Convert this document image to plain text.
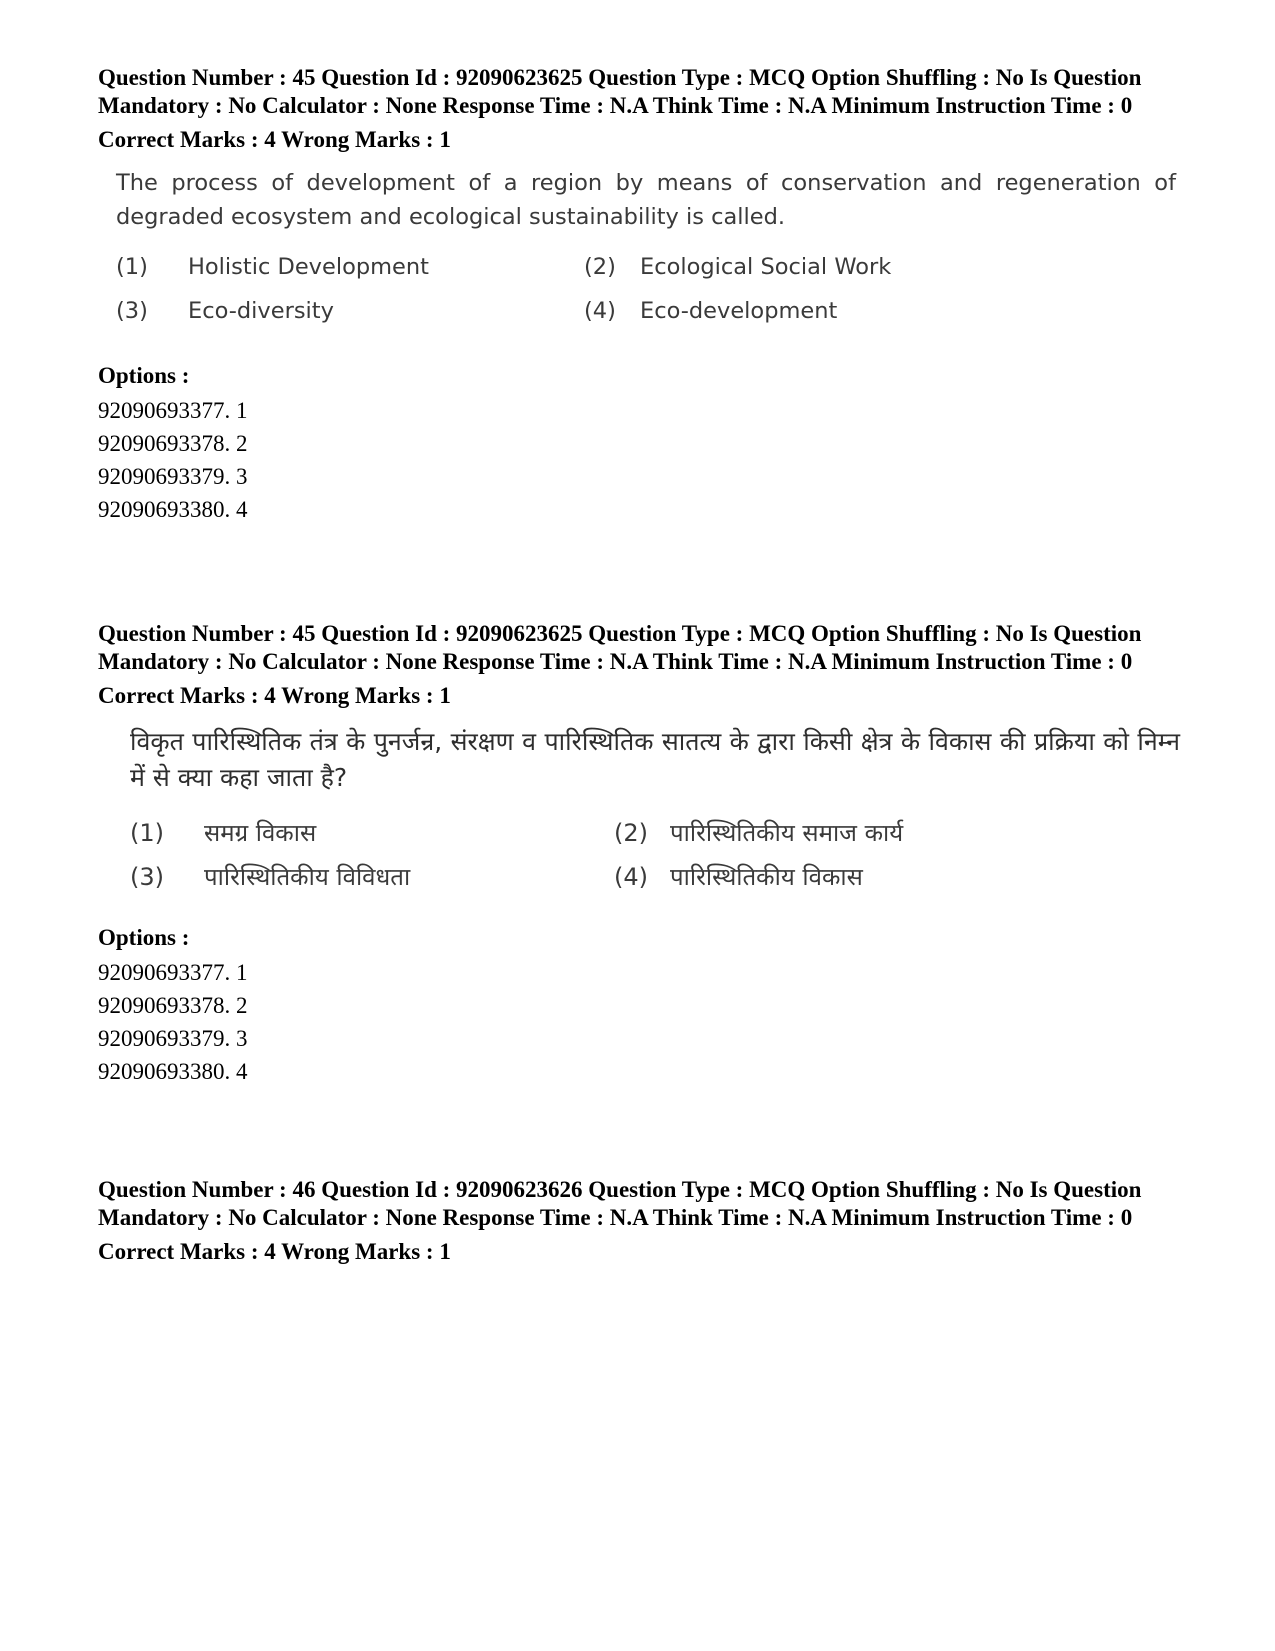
Question Number : 45 Question Id : 92090623625 Question Type : MCQ Option Shuffling : No Is Question Mandatory : No Calculator : None Response Time : N.A Think Time : N.A Minimum Instruction Time : 0
Correct Marks : 4 Wrong Marks : 1
The process of development of a region by means of conservation and regeneration of degraded ecosystem and ecological sustainability is called.
(1)	Holistic Development	(2)	Ecological Social Work
(3)	Eco-diversity	(4)	Eco-development
Options :
92090693377. 1
92090693378. 2
92090693379. 3
92090693380. 4
Question Number : 45 Question Id : 92090623625 Question Type : MCQ Option Shuffling : No Is Question Mandatory : No Calculator : None Response Time : N.A Think Time : N.A Minimum Instruction Time : 0
Correct Marks : 4 Wrong Marks : 1
विकृत पारिस्थितिक तंत्र के पुनर्जन्र, संरक्षण व पारिस्थितिक सातत्य के द्वारा किसी क्षेत्र के विकास की प्रक्रिया को निम्न में से क्या कहा जाता है?
(1)	समग्र विकास	(2) पारिस्थितिकीय समाज कार्य
(3)	पारिस्थितिकीय विविधता	(4) पारिस्थितिकीय विकास
Options :
92090693377. 1
92090693378. 2
92090693379. 3
92090693380. 4
Question Number : 46 Question Id : 92090623626 Question Type : MCQ Option Shuffling : No Is Question Mandatory : No Calculator : None Response Time : N.A Think Time : N.A Minimum Instruction Time : 0
Correct Marks : 4 Wrong Marks : 1
